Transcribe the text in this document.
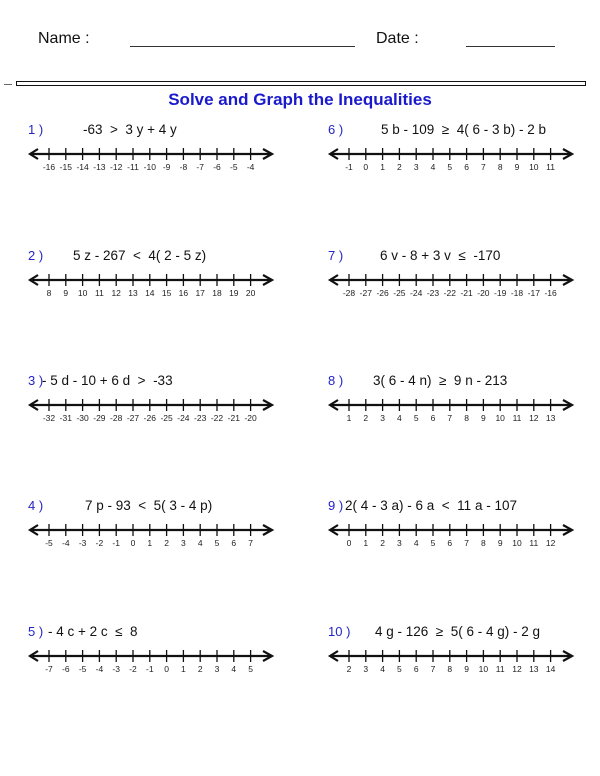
Name :	Date :
Solve and Graph the Inequalities
1 )	-63  >  3 y + 4 y
-16 -15 -14 -13 -12 -11 -10 -9 -8 -7 -6 -5 -4
2 ) 5 z - 267  <  4( 2 - 5 z)
8 9 10 11 12 13 14 15 16 17 18 19 20
3 )
- 5 d - 10 + 6 d  >  -33
-32 -31 -30 -29 -28 -27 -26 -25 -24 -23 -22 -21 -20
4 )	7 p - 93  <  5( 3 - 4 p)
-5 -4 -3 -2 -1 0 1 2 3 4 5 6 7
5 ) - 4 c + 2 c  ≤  8
-7 -6 -5 -4 -3 -2 -1 0 1 2 3 4 5
6 )	5 b - 109  ≥  4( 6 - 3 b) - 2 b
-1 0 1 2 3 4 5 6 7 8 9 10 11
7 )	6 v - 8 + 3 v  ≤  -170
-28 -27 -26 -25 -24 -23 -22 -21 -20 -19 -18 -17 -16
8 ) 3( 6 - 4 n)  ≥  9 n - 213
1 2 3 4 5 6 7 8 9 10 11 12 13
9 ) 2( 4 - 3 a) - 6 a  <  11 a - 107
0 1 2 3 4 5 6 7 8 9 10 11 12
10 ) 4 g - 126  ≥  5( 6 - 4 g) - 2 g
2 3 4 5 6 7 8 9 10 11 12 13 14
